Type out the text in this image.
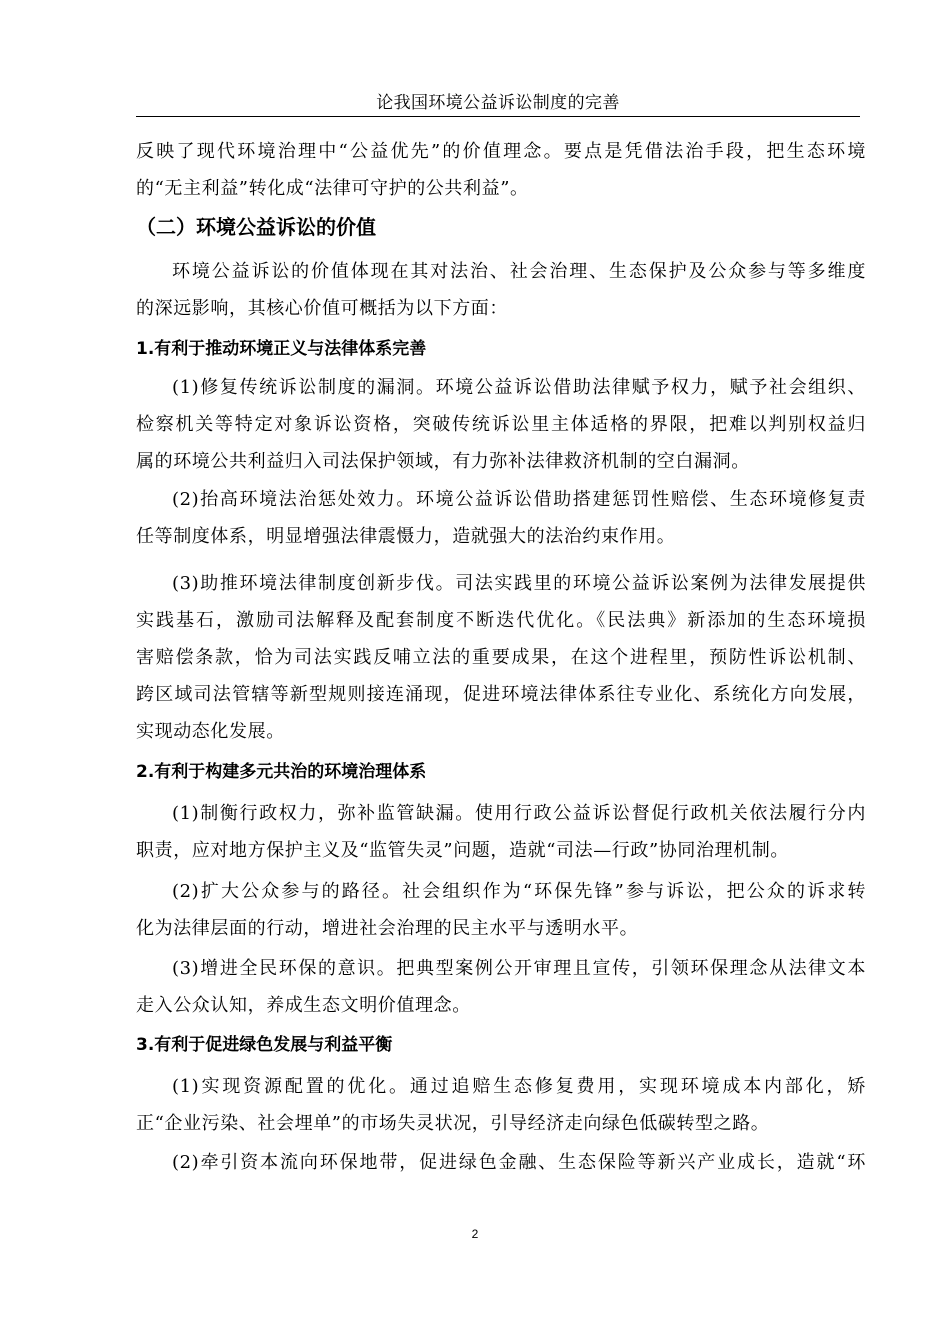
论我国环境公益诉讼制度的完善
反映了现代环境治理中“公益优先”的价值理念。要点是凭借法治手段，把生态环境
的“无主利益”转化成“法律可守护的公共利益”。
（二）环境公益诉讼的价值
环境公益诉讼的价值体现在其对法治、社会治理、生态保护及公众参与等多维度
的深远影响，其核心价值可概括为以下方面：
1.有利于推动环境正义与法律体系完善
(1)修复传统诉讼制度的漏洞。环境公益诉讼借助法律赋予权力，赋予社会组织、
检察机关等特定对象诉讼资格，突破传统诉讼里主体适格的界限，把难以判别权益归
属的环境公共利益归入司法保护领域，有力弥补法律救济机制的空白漏洞。
(2)抬高环境法治惩处效力。环境公益诉讼借助搭建惩罚性赔偿、生态环境修复责
任等制度体系，明显增强法律震慑力，造就强大的法治约束作用。
(3)助推环境法律制度创新步伐。司法实践里的环境公益诉讼案例为法律发展提供
实践基石，激励司法解释及配套制度不断迭代优化。《民法典》新添加的生态环境损
害赔偿条款，恰为司法实践反哺立法的重要成果，在这个进程里，预防性诉讼机制、
跨区域司法管辖等新型规则接连涌现，促进环境法律体系往专业化、系统化方向发展，
实现动态化发展。
2.有利于构建多元共治的环境治理体系
(1)制衡行政权力，弥补监管缺漏。使用行政公益诉讼督促行政机关依法履行分内
职责，应对地方保护主义及“监管失灵”问题，造就“司法—行政”协同治理机制。
(2)扩大公众参与的路径。社会组织作为“环保先锋”参与诉讼，把公众的诉求转
化为法律层面的行动，增进社会治理的民主水平与透明水平。
(3)增进全民环保的意识。把典型案例公开审理且宣传，引领环保理念从法律文本
走入公众认知，养成生态文明价值理念。
3.有利于促进绿色发展与利益平衡
(1)实现资源配置的优化。通过追赔生态修复费用，实现环境成本内部化，矫
正“企业污染、社会埋单”的市场失灵状况，引导经济走向绿色低碳转型之路。
(2)牵引资本流向环保地带，促进绿色金融、生态保险等新兴产业成长，造就“环
2
